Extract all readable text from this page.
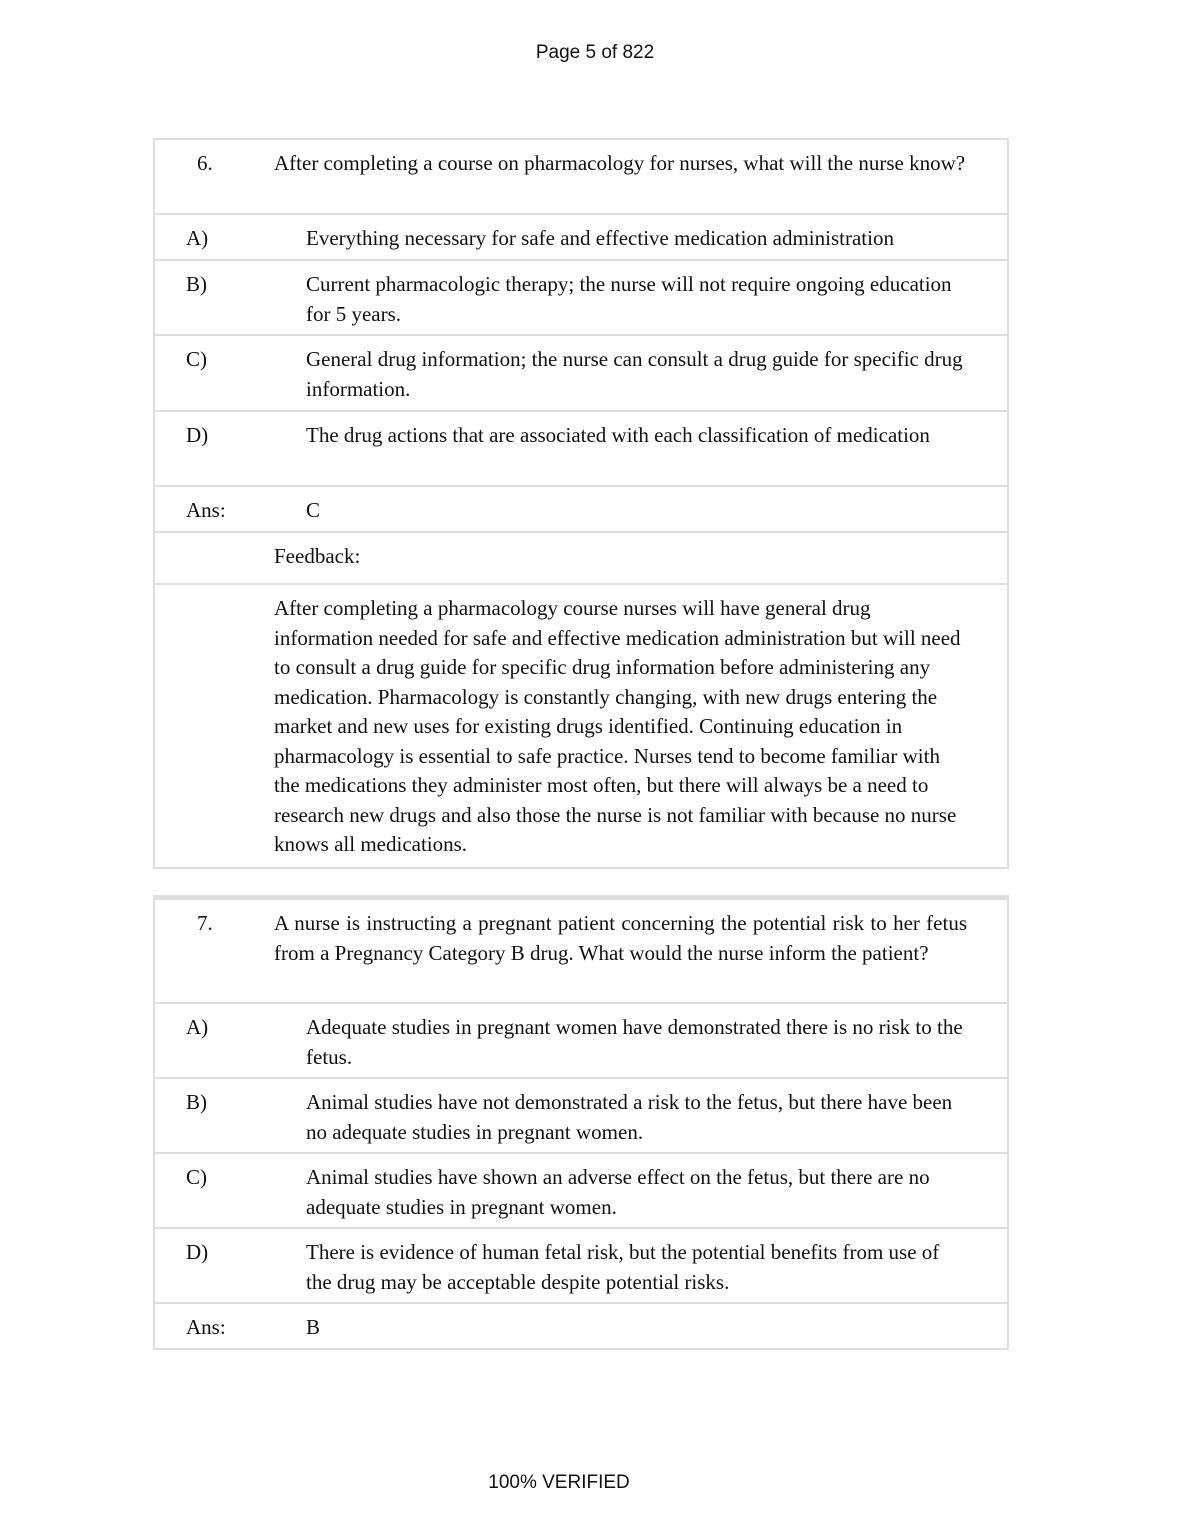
Page 5 of 822
6.	After completing a course on pharmacology for nurses, what will the nurse know?
A)	Everything necessary for safe and effective medication administration
B)	Current pharmacologic therapy; the nurse will not require ongoing education for 5 years.
C)	General drug information; the nurse can consult a drug guide for specific drug information.
D)	The drug actions that are associated with each classification of medication
Ans:	C
Feedback:
After completing a pharmacology course nurses will have general drug information needed for safe and effective medication administration but will need to consult a drug guide for specific drug information before administering any medication. Pharmacology is constantly changing, with new drugs entering the market and new uses for existing drugs identified. Continuing education in pharmacology is essential to safe practice. Nurses tend to become familiar with the medications they administer most often, but there will always be a need to research new drugs and also those the nurse is not familiar with because no nurse knows all medications.
7.	A nurse is instructing a pregnant patient concerning the potential risk to her fetus from a Pregnancy Category B drug. What would the nurse inform the patient?
A)	Adequate studies in pregnant women have demonstrated there is no risk to the fetus.
B)	Animal studies have not demonstrated a risk to the fetus, but there have been no adequate studies in pregnant women.
C)	Animal studies have shown an adverse effect on the fetus, but there are no adequate studies in pregnant women.
D)	There is evidence of human fetal risk, but the potential benefits from use of the drug may be acceptable despite potential risks.
Ans:	B
100% VERIFIED
